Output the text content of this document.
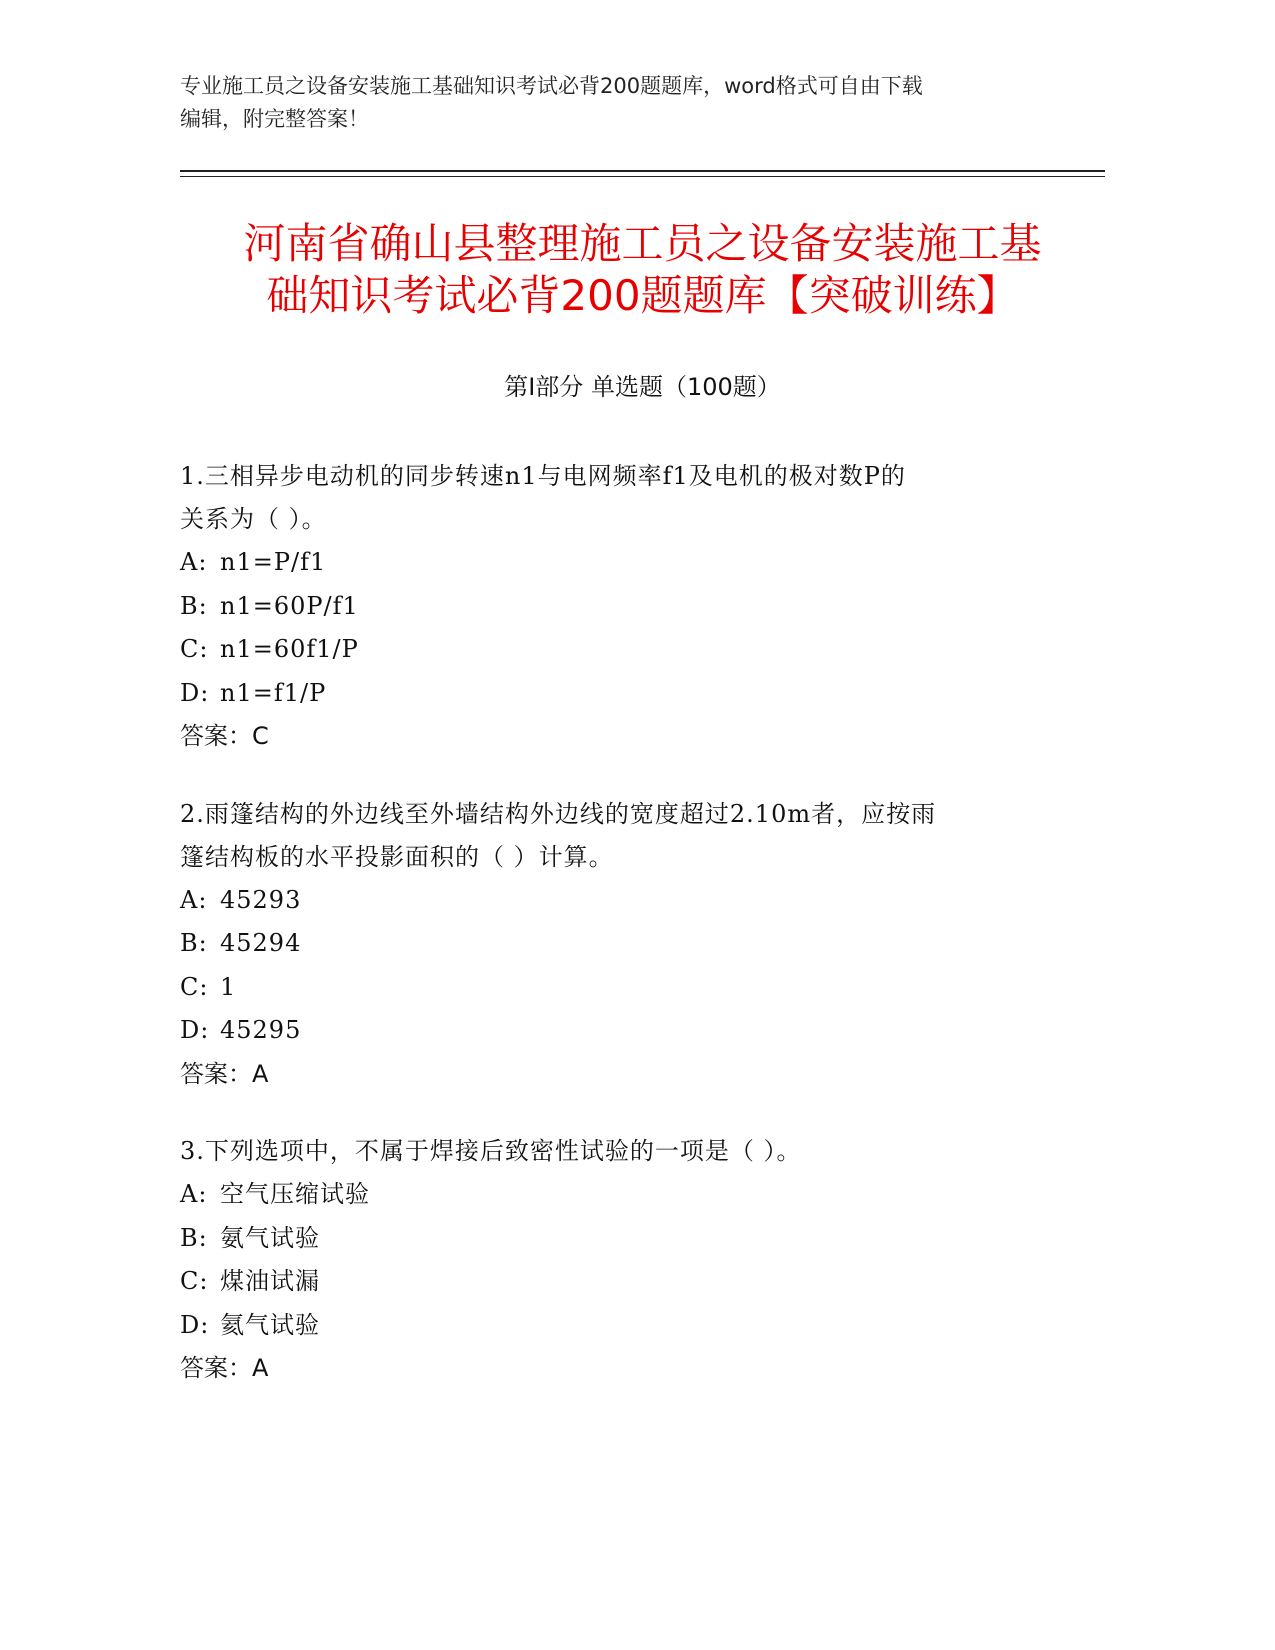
专业施工员之设备安装施工基础知识考试必背200题题库，word格式可自由下载
编辑，附完整答案！
河南省确山县整理施工员之设备安装施工基
础知识考试必背200题题库【突破训练】
第Ⅰ部分 单选题（100题）
1.三相异步电动机的同步转速n1与电网频率f1及电机的极对数P的
关系为（ ）。
A: n1=P/f1
B: n1=60P/f1
C: n1=60f1/P
D: n1=f1/P
答案：C
2.雨篷结构的外边线至外墙结构外边线的宽度超过2.10m者，应按雨
篷结构板的水平投影面积的（ ）计算。
A: 45293
B: 45294
C: 1
D: 45295
答案：A
3.下列选项中，不属于焊接后致密性试验的一项是（ ）。
A: 空气压缩试验
B: 氨气试验
C: 煤油试漏
D: 氦气试验
答案：A
